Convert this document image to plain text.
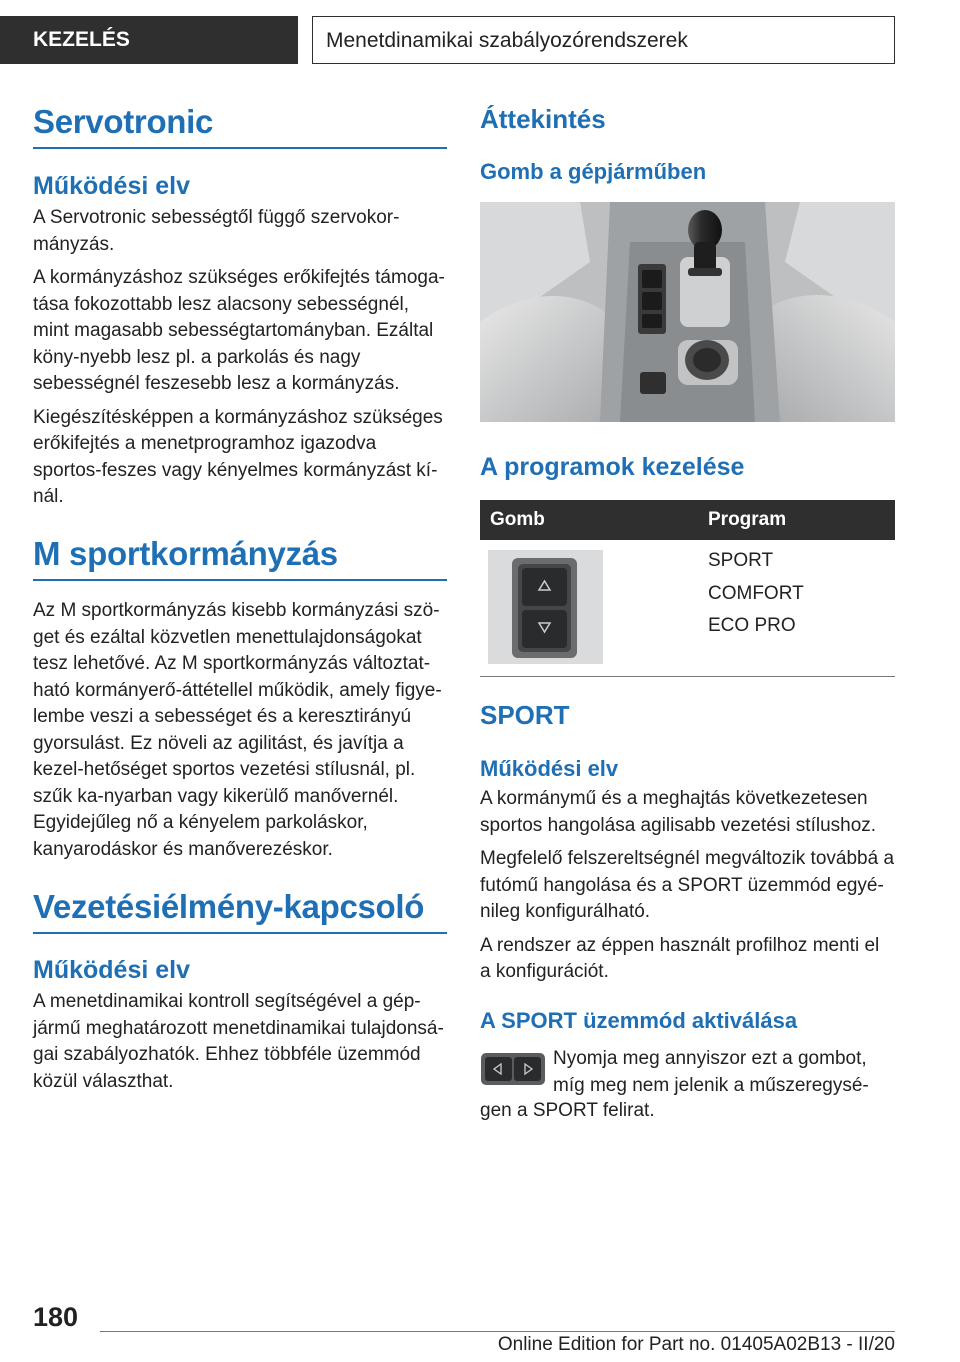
KEZELÉS	Menetdinamikai szabályozórendszerek
Servotronic
Működési elv

A Servotronic sebességtől függő szervokor-mányzás.

A kormányzáshoz szükséges erőkifejtés támoga-tása fokozottabb lesz alacsony sebességnél, mint magasabb sebességtartományban. Ezáltal köny-nyebb lesz pl. a parkolás és nagy sebességnél feszesebb lesz a kormányzás.

Kiegészítésképpen a kormányzáshoz szükséges erőkifejtés a menetprogramhoz igazodva sportos-feszes vagy kényelmes kormányzást kí-nál.

M sportkormányzás

Az M sportkormányzás kisebb kormányzási szö-get és ezáltal közvetlen menettulajdonságokat tesz lehetővé. Az M sportkormányzás változtat-ható kormányerő-áttétellel működik, amely figye-lembe veszi a sebességet és a keresztirányú gyorsulást. Ez növeli az agilitást, és javítja a kezel-hetőséget sportos vezetési stílusnál, pl. szűk ka-nyarban vagy kikerülő manővernél. Egyidejűleg nő a kényelem parkoláskor, kanyarodáskor és manőverezéskor.

Vezetésiélmény-kapcsoló
Működési elv

A menetdinamikai kontroll segítségével a gép-jármű meghatározott menetdinamikai tulajdonsá-gai szabályozhatók. Ehhez többféle üzemmód közül választhat.

Áttekintés
Gomb a gépjárműben
A programok kezelése
Gomb	Program

SPORT

COMFORT

ECO PRO

SPORT
Működési elv

A kormánymű és a meghajtás következetesen sportos hangolása agilisabb vezetési stílushoz.

Megfelelő felszereltségnél megváltozik továbbá a futómű hangolása és a SPORT üzemmód egyé-nileg konfigurálható.

A rendszer az éppen használt profilhoz menti el a konfigurációt.

A SPORT üzemmód aktiválása

Nyomja meg annyiszor ezt a gombot, míg meg nem jelenik a műszeregysé-

gen a SPORT felirat.

180
Online Edition for Part no. 01405A02B13 - II/20
